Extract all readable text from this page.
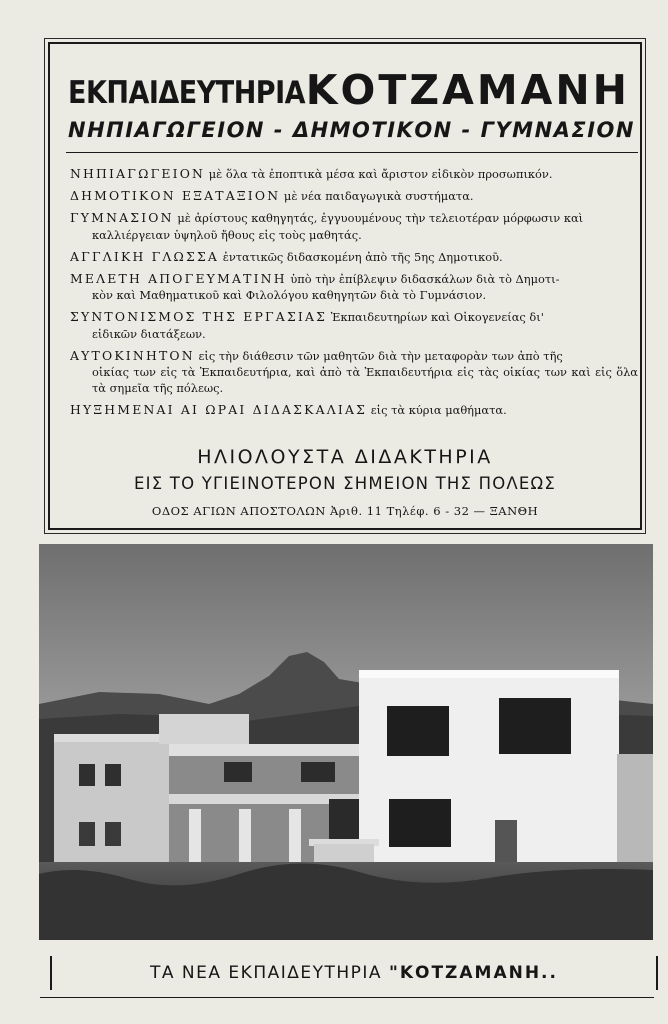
ΕΚΠΑΙΔΕΥΤΗΡΙΑ ΚΟΤΖΑΜΑΝΗ
ΝΗΠΙΑΓΩΓΕΙΟΝ - ΔΗΜΟΤΙΚΟΝ - ΓΥΜΝΑΣΙΟΝ

ΝΗΠΙΑΓΩΓΕΙΟΝ μὲ ὅλα τὰ ἐποπτικὰ μέσα καὶ ἄριστον εἰδικὸν προσωπικόν.

ΔΗΜΟΤΙΚΟΝ ΕΞΑΤΑΞΙΟΝ μὲ νέα παιδαγωγικὰ συστήματα.

ΓΥΜΝΑΣΙΟΝ μὲ ἀρίστους καθηγητάς, ἐγγυουμένους τὴν τελειοτέραν μόρφωσιν καὶ
καλλιέργειαν ὑψηλοῦ ἤθους εἰς τοὺς μαθητάς.

ΑΓΓΛΙΚΗ ΓΛΩΣΣΑ ἐντατικῶς διδασκομένη ἀπὸ τῆς 5ης Δημοτικοῦ.

ΜΕΛΕΤΗ ΑΠΟΓΕΥΜΑΤΙΝΗ ὑπὸ τὴν ἐπίβλεψιν διδασκάλων διὰ τὸ Δημοτι-
κὸν καὶ Μαθηματικοῦ καὶ Φιλολόγου καθηγητῶν διὰ τὸ Γυμνάσιον.

ΣΥΝΤΟΝΙΣΜΟΣ ΤΗΣ ΕΡΓΑΣΙΑΣ Ἐκπαιδευτηρίων καὶ Οἰκογενείας δι'
εἰδικῶν διατάξεων.

ΑΥΤΟΚΙΝΗΤΟΝ εἰς τὴν διάθεσιν τῶν μαθητῶν διὰ τὴν μεταφορὰν των ἀπὸ τῆς
οἰκίας των εἰς τὰ Ἐκπαιδευτήρια, καὶ ἀπὸ τὰ Ἐκπαιδευτήρια εἰς τὰς οἰκίας των καὶ εἰς ὅλα τὰ σημεῖα τῆς πόλεως.

ΗΥΞΗΜΕΝΑΙ ΑΙ ΩΡΑΙ ΔΙΔΑΣΚΑΛΙΑΣ εἰς τὰ κύρια μαθήματα.

ΗΛΙΟΛΟΥΣΤΑ ΔΙΔΑΚΤΗΡΙΑ
ΕΙΣ ΤΟ ΥΓΙΕΙΝΟΤΕΡΟΝ ΣΗΜΕΙΟΝ ΤΗΣ ΠΟΛΕΩΣ
ΟΔΟΣ ΑΓΙΩΝ ΑΠΟΣΤΟΛΩΝ Ἀριθ. 11 Τηλέφ. 6 - 32 — ΞΑΝΘΗ
ΤΑ ΝΕΑ ΕΚΠΑΙΔΕΥΤΗΡΙΑ
"ΚΟΤΖΑΜΑΝΗ..
